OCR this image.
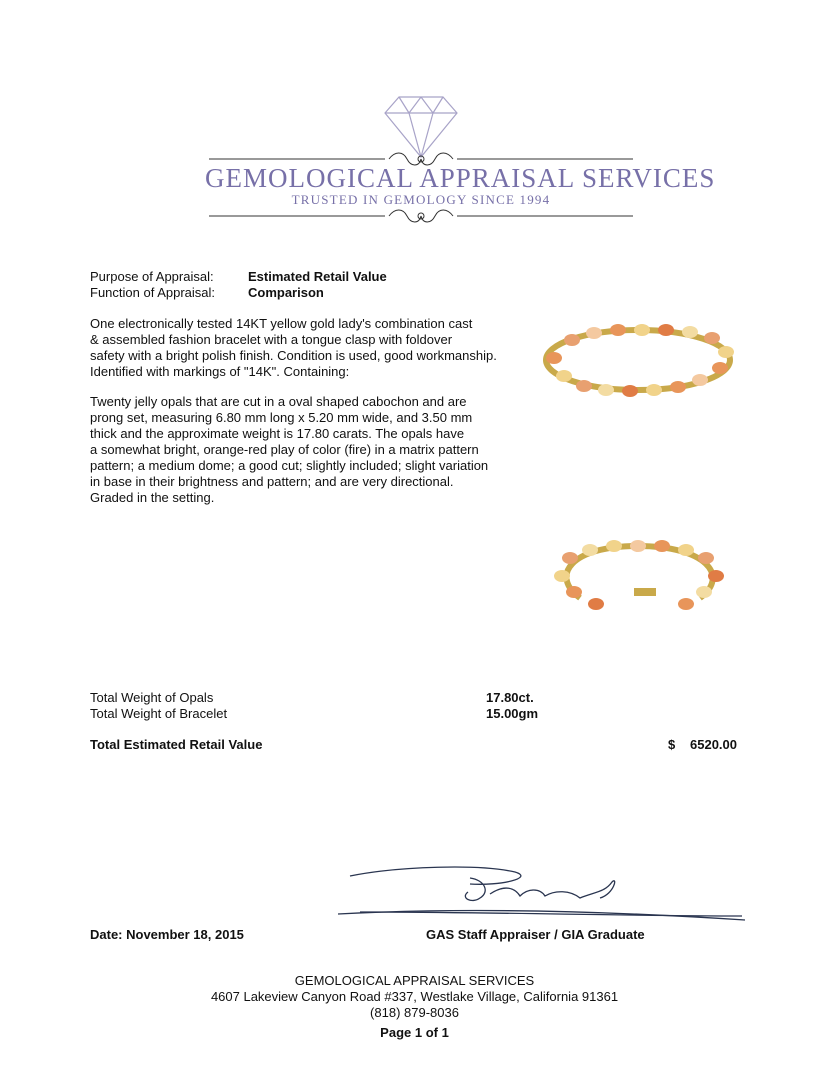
GEMOLOGICAL APPRAISAL SERVICES
TRUSTED IN GEMOLOGY SINCE 1994
Purpose of Appraisal:	Estimated Retail Value
Function of Appraisal:	Comparison

One electronically tested 14KT yellow gold lady's combination cast

& assembled fashion bracelet with a tongue clasp with foldover

safety with a bright polish finish. Condition is used, good workmanship.

Identified with markings of "14K". Containing:

Twenty jelly opals that are cut in a oval shaped cabochon and are

prong set, measuring 6.80 mm long x 5.20 mm wide, and 3.50 mm

thick and the approximate weight is 17.80 carats. The opals have

a somewhat bright, orange-red play of color (fire) in a matrix pattern

pattern; a medium dome; a good cut; slightly included; slight variation

in base in their brightness and pattern; and are very directional.

Graded in the setting.

Total Weight of Opals	17.80ct.
Total Weight of Bracelet	15.00gm
Total Estimated Retail Value	$ 6520.00
Date: November 18, 2015	GAS Staff Appraiser / GIA Graduate
GEMOLOGICAL APPRAISAL SERVICES
4607 Lakeview Canyon Road #337, Westlake Village, California 91361
(818) 879-8036
Page 1 of 1
